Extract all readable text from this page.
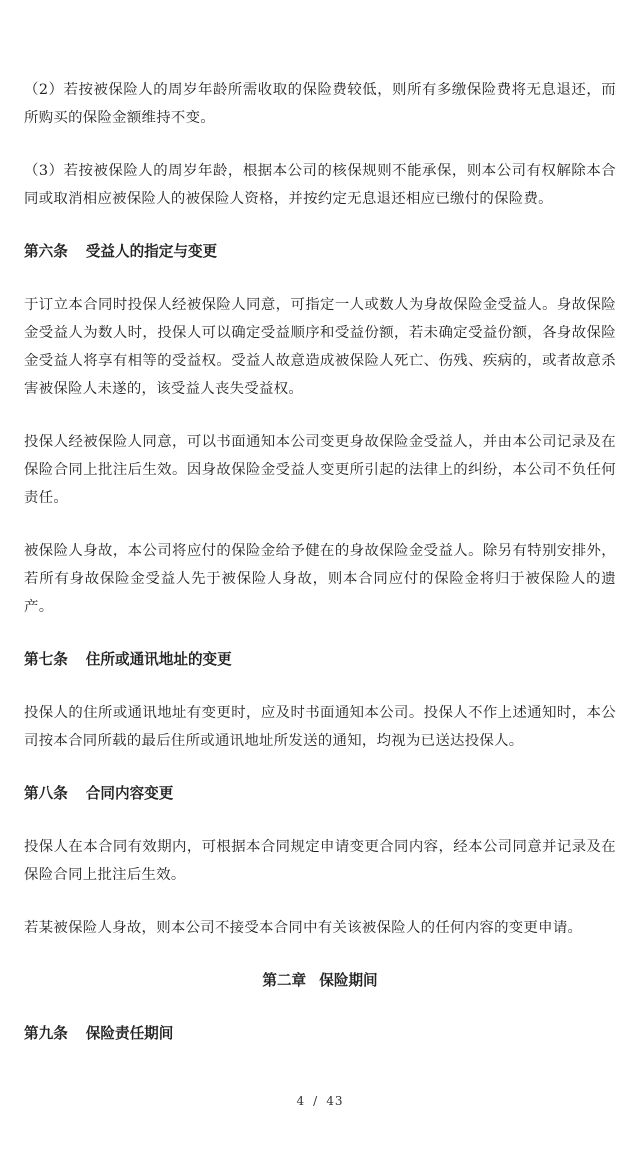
（2）若按被保险人的周岁年龄所需收取的保险费较低，则所有多缴保险费将无息退还，而所购买的保险金额维持不变。

（3）若按被保险人的周岁年龄，根据本公司的核保规则不能承保，则本公司有权解除本合同或取消相应被保险人的被保险人资格，并按约定无息退还相应已缴付的保险费。

第六条 受益人的指定与变更

于订立本合同时投保人经被保险人同意，可指定一人或数人为身故保险金受益人。身故保险金受益人为数人时，投保人可以确定受益顺序和受益份额，若未确定受益份额，各身故保险金受益人将享有相等的受益权。受益人故意造成被保险人死亡、伤残、疾病的，或者故意杀害被保险人未遂的，该受益人丧失受益权。

投保人经被保险人同意，可以书面通知本公司变更身故保险金受益人，并由本公司记录及在保险合同上批注后生效。因身故保险金受益人变更所引起的法律上的纠纷，本公司不负任何责任。

被保险人身故，本公司将应付的保险金给予健在的身故保险金受益人。除另有特别安排外，若所有身故保险金受益人先于被保险人身故，则本合同应付的保险金将归于被保险人的遗产。

第七条 住所或通讯地址的变更

投保人的住所或通讯地址有变更时，应及时书面通知本公司。投保人不作上述通知时，本公司按本合同所载的最后住所或通讯地址所发送的通知，均视为已送达投保人。

第八条 合同内容变更

投保人在本合同有效期内，可根据本合同规定申请变更合同内容，经本公司同意并记录及在保险合同上批注后生效。

若某被保险人身故，则本公司不接受本合同中有关该被保险人的任何内容的变更申请。

第二章 保险期间
第九条 保险责任期间
4 / 43
